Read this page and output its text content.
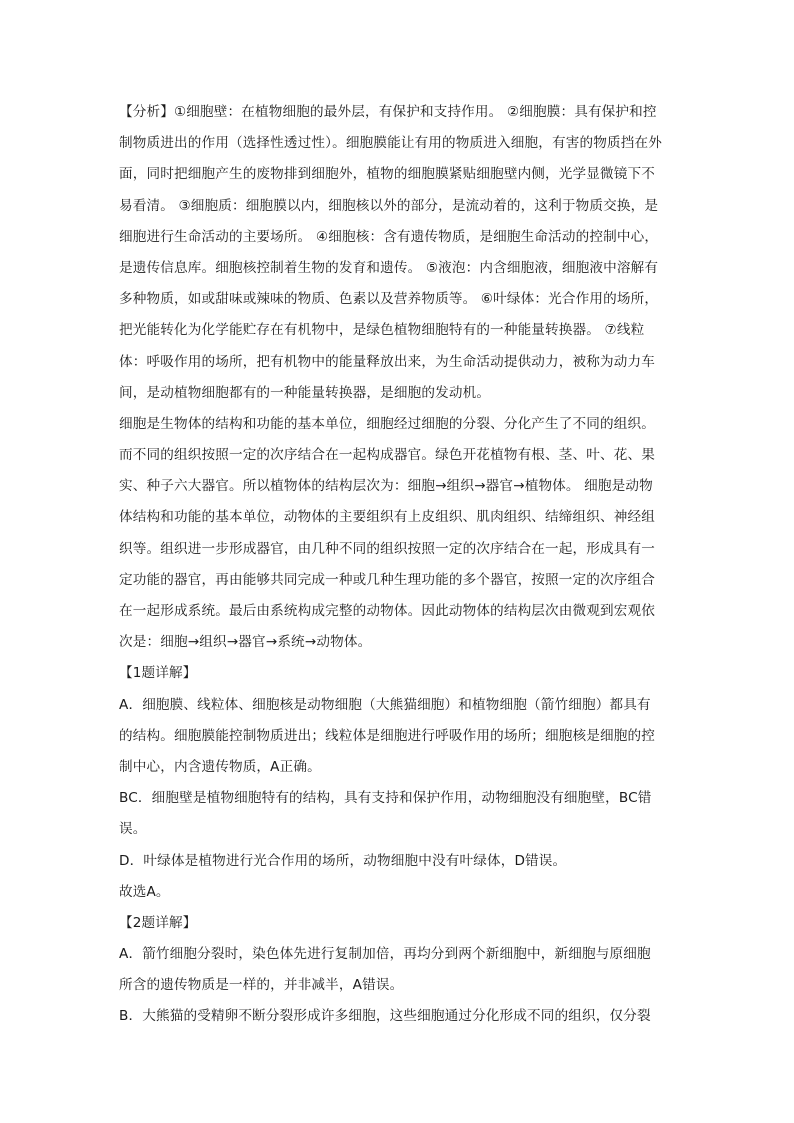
【分析】①细胞壁：在植物细胞的最外层，有保护和支持作用。 ②细胞膜：具有保护和控
制物质进出的作用（选择性透过性）。细胞膜能让有用的物质进入细胞，有害的物质挡在外
面，同时把细胞产生的废物排到细胞外，植物的细胞膜紧贴细胞壁内侧，光学显微镜下不
易看清。 ③细胞质：细胞膜以内，细胞核以外的部分，是流动着的，这利于物质交换，是
细胞进行生命活动的主要场所。 ④细胞核：含有遗传物质，是细胞生命活动的控制中心，
是遗传信息库。细胞核控制着生物的发育和遗传。 ⑤液泡：内含细胞液，细胞液中溶解有
多种物质，如或甜味或辣味的物质、色素以及营养物质等。 ⑥叶绿体：光合作用的场所，
把光能转化为化学能贮存在有机物中，是绿色植物细胞特有的一种能量转换器。 ⑦线粒
体：呼吸作用的场所，把有机物中的能量释放出来，为生命活动提供动力，被称为动力车
间，是动植物细胞都有的一种能量转换器，是细胞的发动机。
细胞是生物体的结构和功能的基本单位，细胞经过细胞的分裂、分化产生了不同的组织。
而不同的组织按照一定的次序结合在一起构成器官。绿色开花植物有根、茎、叶、花、果
实、种子六大器官。所以植物体的结构层次为：细胞→组织→器官→植物体。 细胞是动物
体结构和功能的基本单位，动物体的主要组织有上皮组织、肌肉组织、结缔组织、神经组
织等。组织进一步形成器官，由几种不同的组织按照一定的次序结合在一起，形成具有一
定功能的器官，再由能够共同完成一种或几种生理功能的多个器官，按照一定的次序组合
在一起形成系统。最后由系统构成完整的动物体。因此动物体的结构层次由微观到宏观依
次是：细胞→组织→器官→系统→动物体。
【1题详解】
A．细胞膜、线粒体、细胞核是动物细胞（大熊猫细胞）和植物细胞（箭竹细胞）都具有
的结构。细胞膜能控制物质进出；线粒体是细胞进行呼吸作用的场所；细胞核是细胞的控
制中心，内含遗传物质，A正确。
BC．细胞壁是植物细胞特有的结构，具有支持和保护作用，动物细胞没有细胞壁，BC错
误。
D．叶绿体是植物进行光合作用的场所，动物细胞中没有叶绿体，D错误。
故选A。
【2题详解】
A．箭竹细胞分裂时，染色体先进行复制加倍，再均分到两个新细胞中，新细胞与原细胞
所含的遗传物质是一样的，并非减半，A错误。
B．大熊猫的受精卵不断分裂形成许多细胞，这些细胞通过分化形成不同的组织，仅分裂
